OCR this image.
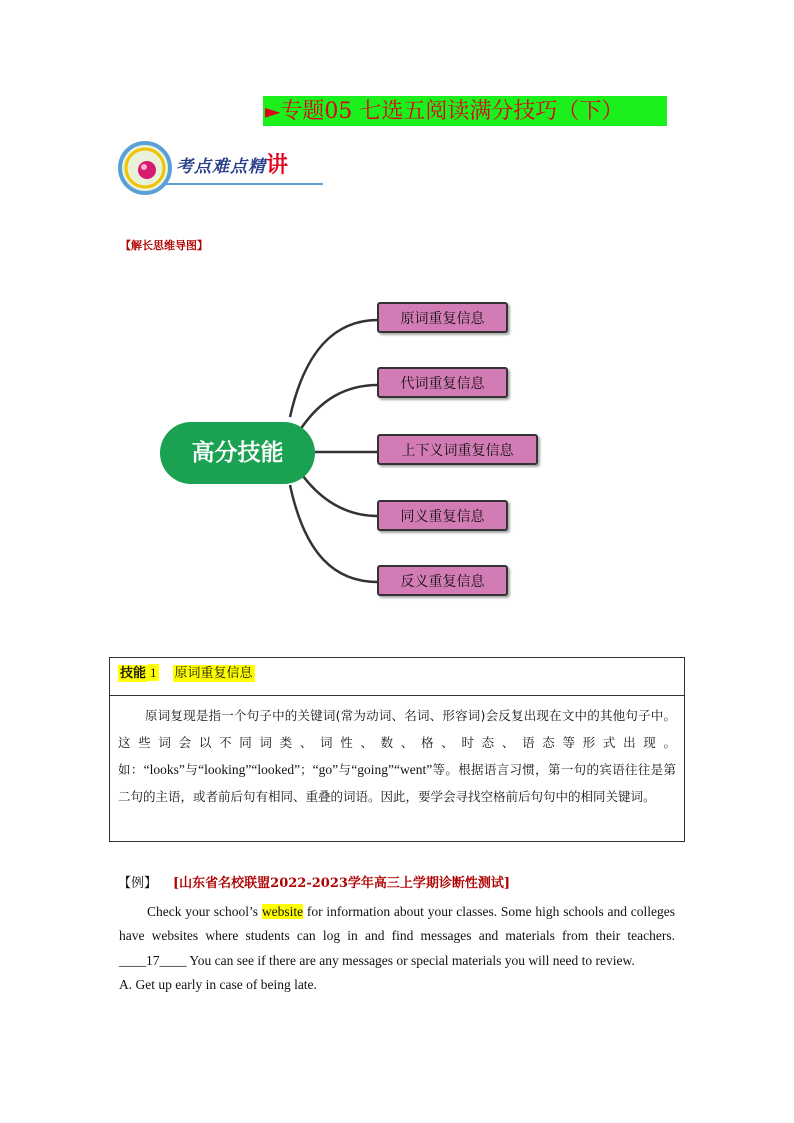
►专题05 七选五阅读满分技巧（下）
考点难点精讲
【解长思维导图】
高分技能
原词重复信息
代词重复信息
上下义词重复信息
同义重复信息
反义重复信息
技能 1 原词重复信息
原词复现是指一个句子中的关键词(常为动词、名词、形容词)会反复出现在文中的其他句子中。这些词会以不同词类、词性、数、格、时态、语态等形式出现。如：“looks”与“looking”“looked”；“go”与“going”“went”等。根据语言习惯，第一句的宾语往往是第二句的主语，或者前后句有相同、重叠的词语。因此，要学会寻找空格前后句句中的相同关键词。
【例】 [山东省名校联盟2022-2023学年高三上学期诊断性测试]

Check your school’s website for information about your classes. Some high schools and colleges have websites where students can log in and find messages and materials from their teachers. ____17____ You can see if there are any messages or special materials you will need to review.

A. Get up early in case of being late.
